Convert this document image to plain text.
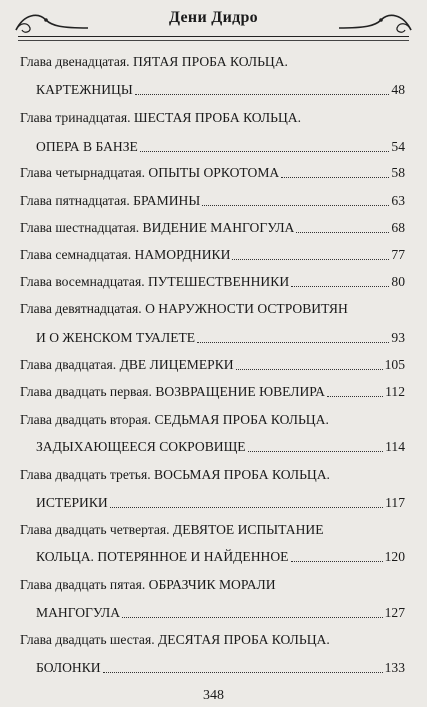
Дени Дидро
Глава двенадцатая. ПЯТАЯ ПРОБА КОЛЬЦА.
КАРТЕЖНИЦЫ	48
Глава тринадцатая. ШЕСТАЯ ПРОБА КОЛЬЦА.
ОПЕРА В БАНЗЕ	54
Глава четырнадцатая. ОПЫТЫ ОРКОТОМА	58
Глава пятнадцатая. БРАМИНЫ	63
Глава шестнадцатая. ВИДЕНИЕ МАНГОГУЛА	68
Глава семнадцатая. НАМОРДНИКИ	77
Глава восемнадцатая. ПУТЕШЕСТВЕННИКИ	80
Глава девятнадцатая. О НАРУЖНОСТИ ОСТРОВИТЯН
И О ЖЕНСКОМ ТУАЛЕТЕ	93
Глава двадцатая. ДВЕ ЛИЦЕМЕРКИ	105
Глава двадцать первая. ВОЗВРАЩЕНИЕ ЮВЕЛИРА	112
Глава двадцать вторая. СЕДЬМАЯ ПРОБА КОЛЬЦА.
ЗАДЫХАЮЩЕЕСЯ СОКРОВИЩЕ	114
Глава двадцать третья. ВОСЬМАЯ ПРОБА КОЛЬЦА.
ИСТЕРИКИ	117
Глава двадцать четвертая. ДЕВЯТОЕ ИСПЫТАНИЕ
КОЛЬЦА. ПОТЕРЯННОЕ И НАЙДЕННОЕ	120
Глава двадцать пятая. ОБРАЗЧИК МОРАЛИ
МАНГОГУЛА	127
Глава двадцать шестая. ДЕСЯТАЯ ПРОБА КОЛЬЦА.
БОЛОНКИ	133
348
